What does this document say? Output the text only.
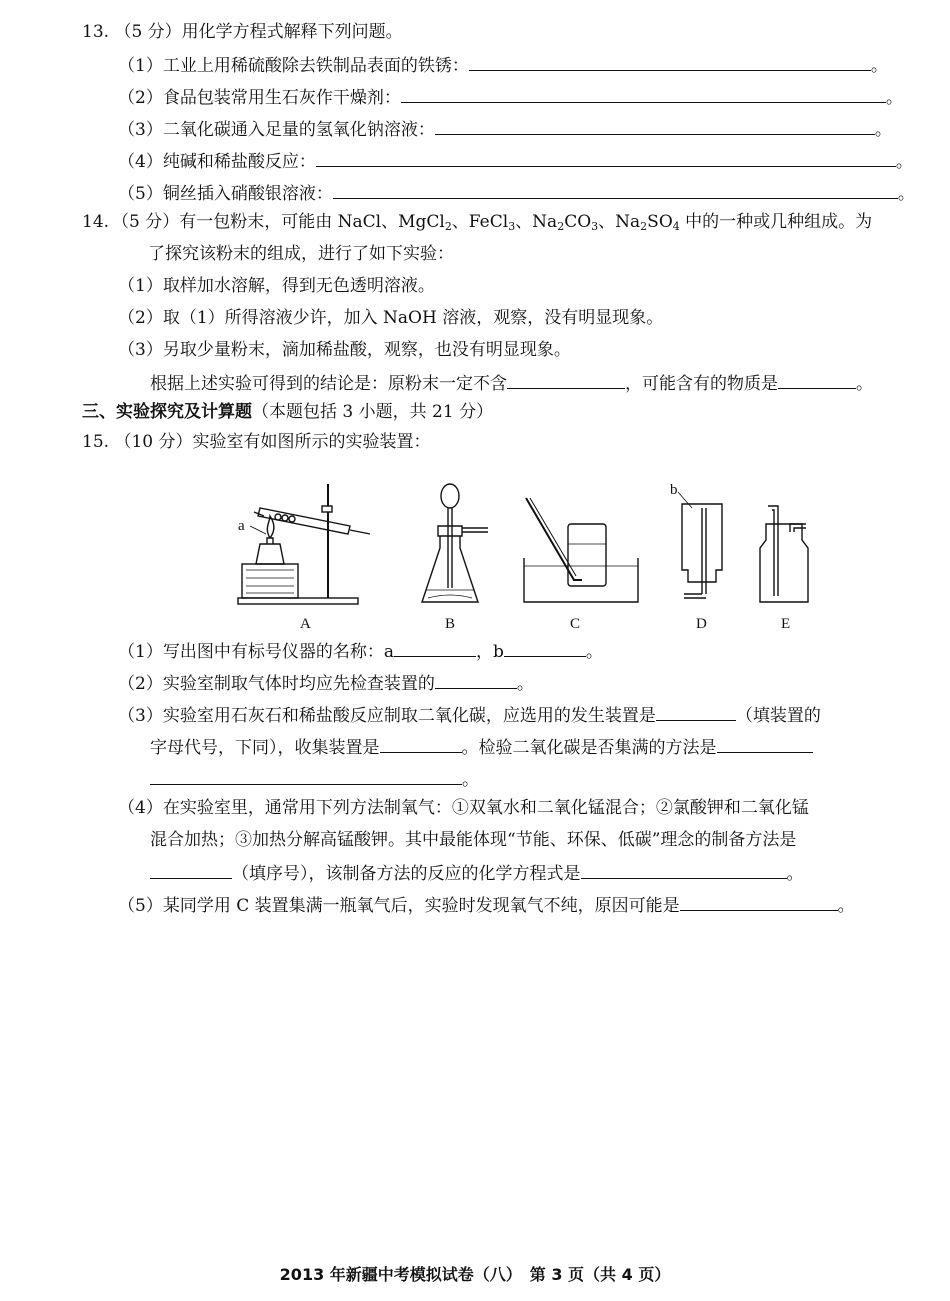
13. （5 分）用化学方程式解释下列问题。
（1）工业上用稀硫酸除去铁制品表面的铁锈：	。
（2）食品包装常用生石灰作干燥剂：	。
（3）二氧化碳通入足量的氢氧化钠溶液：	。
（4）纯碱和稀盐酸反应：	。
（5）铜丝插入硝酸银溶液：	。
14. （5 分）有一包粉末，可能由 NaCl、MgCl$_2$、FeCl$_3$、$Na_2CO_3$、$Na_2SO_4$ 中的一种或几种组成。为
了探究该粉末的组成，进行了如下实验：
（1）取样加水溶解，得到无色透明溶液。
（2）取（1）所得溶液少许，加入 NaOH 溶液，观察，没有明显现象。
（3）另取少量粉末，滴加稀盐酸，观察，也没有明显现象。
根据上述实验可得到的结论是：原粉末一定不含	，可能含有的物质是	。
三、实验探究及计算题（本题包括 3 小题，共 21 分）
15. （10 分）实验室有如图所示的实验装置：
a
A	B	C
b
D	E
（1）写出图中有标号仪器的名称：a	，b	。
（2）实验室制取气体时均应先检查装置的	。
（3）实验室用石灰石和稀盐酸反应制取二氧化碳，应选用的发生装置是	（填装置的
字母代号，下同），收集装置是	。检验二氧化碳是否集满的方法是
。
（4）在实验室里，通常用下列方法制氧气：①双氧水和二氧化锰混合；②氯酸钾和二氧化锰
混合加热；③加热分解高锰酸钾。其中最能体现“节能、环保、低碳”理念的制备方法是
（填序号），该制备方法的反应的化学方程式是	。
（5）某同学用 C 装置集满一瓶氧气后，实验时发现氧气不纯，原因可能是	。
2013 年新疆中考模拟试卷（八）　第 3 页（共 4 页）
